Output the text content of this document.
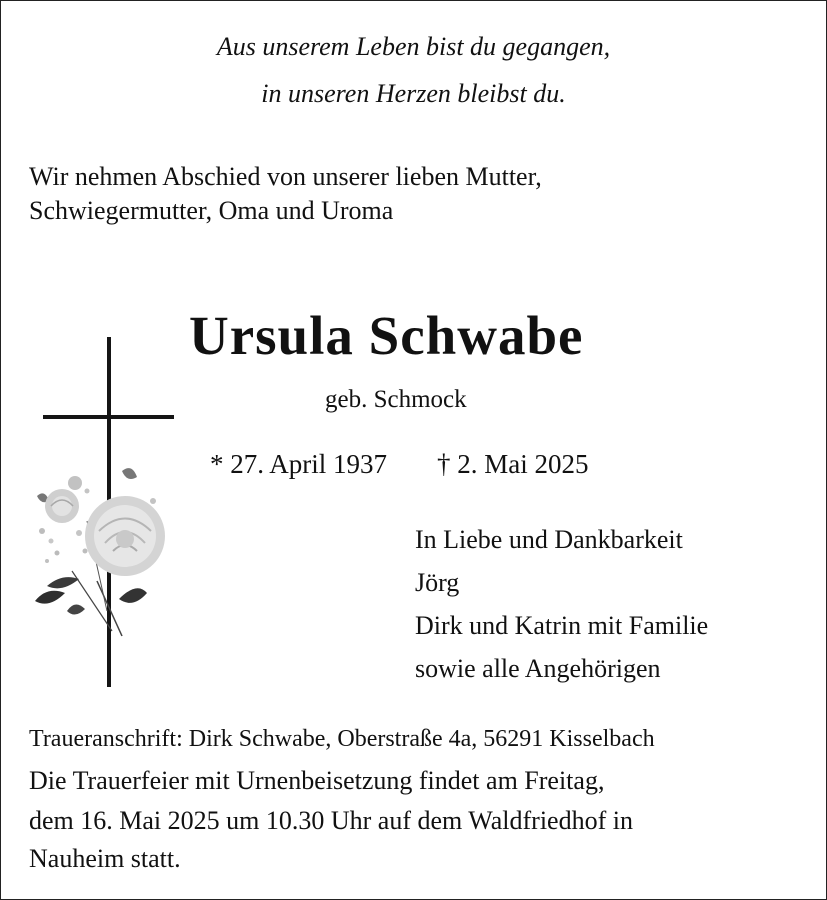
Aus unserem Leben bist du gegangen,
in unseren Herzen bleibst du.
Wir nehmen Abschied von unserer lieben Mutter,
Schwiegermutter, Oma und Uroma
Ursula Schwabe
geb. Schmock
* 27. April 1937 † 2. Mai 2025
In Liebe und Dankbarkeit
Jörg
Dirk und Katrin mit Familie
sowie alle Angehörigen
Traueranschrift: Dirk Schwabe, Oberstraße 4a, 56291 Kisselbach
Die Trauerfeier mit Urnenbeisetzung findet am Freitag,
dem 16. Mai 2025 um 10.30 Uhr auf dem Waldfriedhof in
Nauheim statt.
